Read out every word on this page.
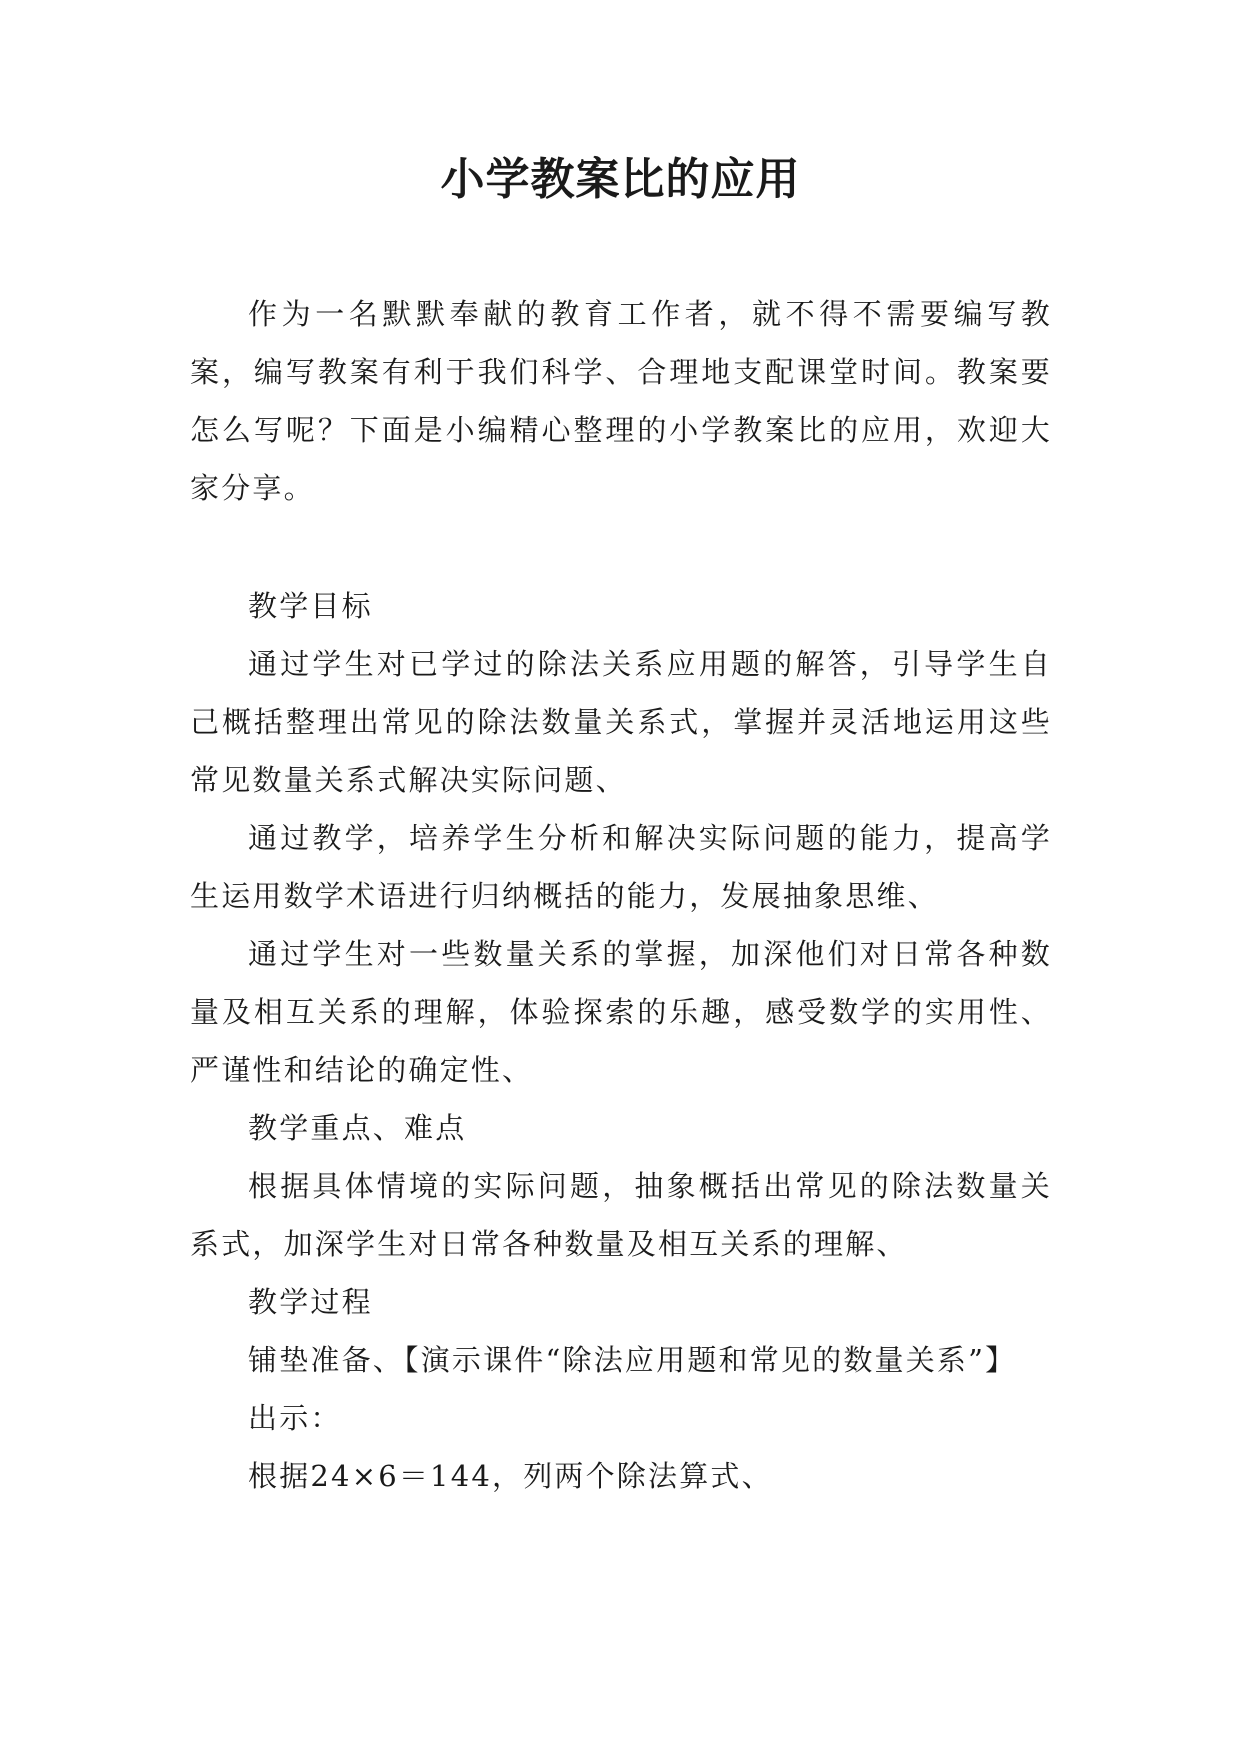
小学教案比的应用

作为一名默默奉献的教育工作者，就不得不需要编写教案，编写教案有利于我们科学、合理地支配课堂时间。教案要怎么写呢？下面是小编精心整理的小学教案比的应用，欢迎大家分享。

教学目标

通过学生对已学过的除法关系应用题的解答，引导学生自己概括整理出常见的除法数量关系式，掌握并灵活地运用这些常见数量关系式解决实际问题、

通过教学，培养学生分析和解决实际问题的能力，提高学生运用数学术语进行归纳概括的能力，发展抽象思维、

通过学生对一些数量关系的掌握，加深他们对日常各种数量及相互关系的理解，体验探索的乐趣，感受数学的实用性、严谨性和结论的确定性、

教学重点、难点

根据具体情境的实际问题，抽象概括出常见的除法数量关系式，加深学生对日常各种数量及相互关系的理解、

教学过程

铺垫准备、【演示课件“除法应用题和常见的数量关系”】

出示：

根据24×6＝144，列两个除法算式、
